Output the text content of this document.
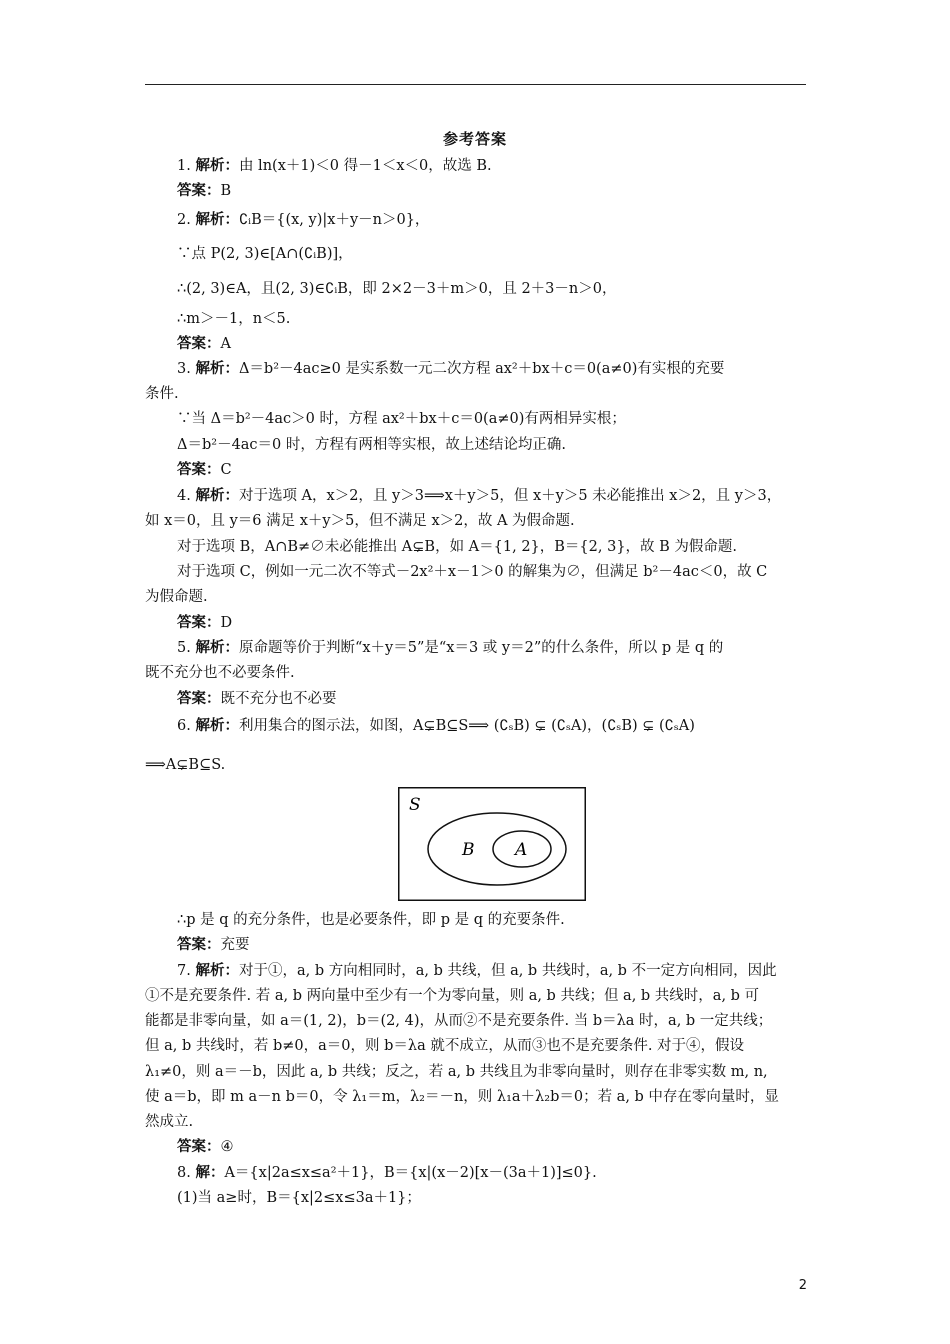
参考答案
1. 解析：由 ln(x＋1)＜0 得－1＜x＜0，故选 B.
答案：B
2. 解析：∁ᵢB＝{(x, y)|x＋y－n＞0}，
∵点 P(2, 3)∈[A∩(∁ᵢB)]，
∴(2, 3)∈A，且(2, 3)∈∁ᵢB，即 2×2－3＋m＞0，且 2＋3－n＞0，
∴m＞－1，n＜5.
答案：A
3. 解析：Δ＝b²－4ac≥0 是实系数一元二次方程 ax²＋bx＋c＝0(a≠0)有实根的充要
条件.
∵当 Δ＝b²－4ac＞0 时，方程 ax²＋bx＋c＝0(a≠0)有两相异实根；
Δ＝b²－4ac＝0 时，方程有两相等实根，故上述结论均正确.
答案：C
4. 解析：对于选项 A，x＞2，且 y＞3⟹x＋y＞5，但 x＋y＞5 未必能推出 x＞2，且 y＞3，
如 x＝0，且 y＝6 满足 x＋y＞5，但不满足 x＞2，故 A 为假命题.
对于选项 B，A∩B≠∅未必能推出 A⊊B，如 A＝{1, 2}，B＝{2, 3}，故 B 为假命题.
对于选项 C，例如一元二次不等式－2x²＋x－1＞0 的解集为∅，但满足 b²－4ac＜0，故 C
为假命题.
答案：D
5. 解析：原命题等价于判断“x＋y＝5”是“x＝3 或 y＝2”的什么条件，所以 p 是 q 的
既不充分也不必要条件.
答案：既不充分也不必要
6. 解析：利用集合的图示法，如图，A⊊B⊆S⟹ (∁ₛB) ⊊ (∁ₛA)，(∁ₛB) ⊊ (∁ₛA)
⟹A⊊B⊆S.
S
B A
∴p 是 q 的充分条件，也是必要条件，即 p 是 q 的充要条件.
答案：充要
7. 解析：对于①，a, b 方向相同时，a, b 共线，但 a, b 共线时，a, b 不一定方向相同，因此
①不是充要条件. 若 a, b 两向量中至少有一个为零向量，则 a, b 共线；但 a, b 共线时，a, b 可
能都是非零向量，如 a＝(1, 2)，b＝(2, 4)，从而②不是充要条件. 当 b＝λa 时，a, b 一定共线；
但 a, b 共线时，若 b≠0，a＝0，则 b＝λa 就不成立，从而③也不是充要条件. 对于④，假设
λ₁≠0，则 a＝－b，因此 a, b 共线；反之，若 a, b 共线且为非零向量时，则存在非零实数 m, n,
使 a＝b，即 m a－n b＝0，令 λ₁＝m，λ₂＝－n，则 λ₁a＋λ₂b＝0；若 a, b 中存在零向量时，显
然成立.
答案：④
8. 解：A＝{x|2a≤x≤a²＋1}，B＝{x|(x－2)[x－(3a＋1)]≤0}.
(1)当 a≥时，B＝{x|2≤x≤3a＋1}；
2
